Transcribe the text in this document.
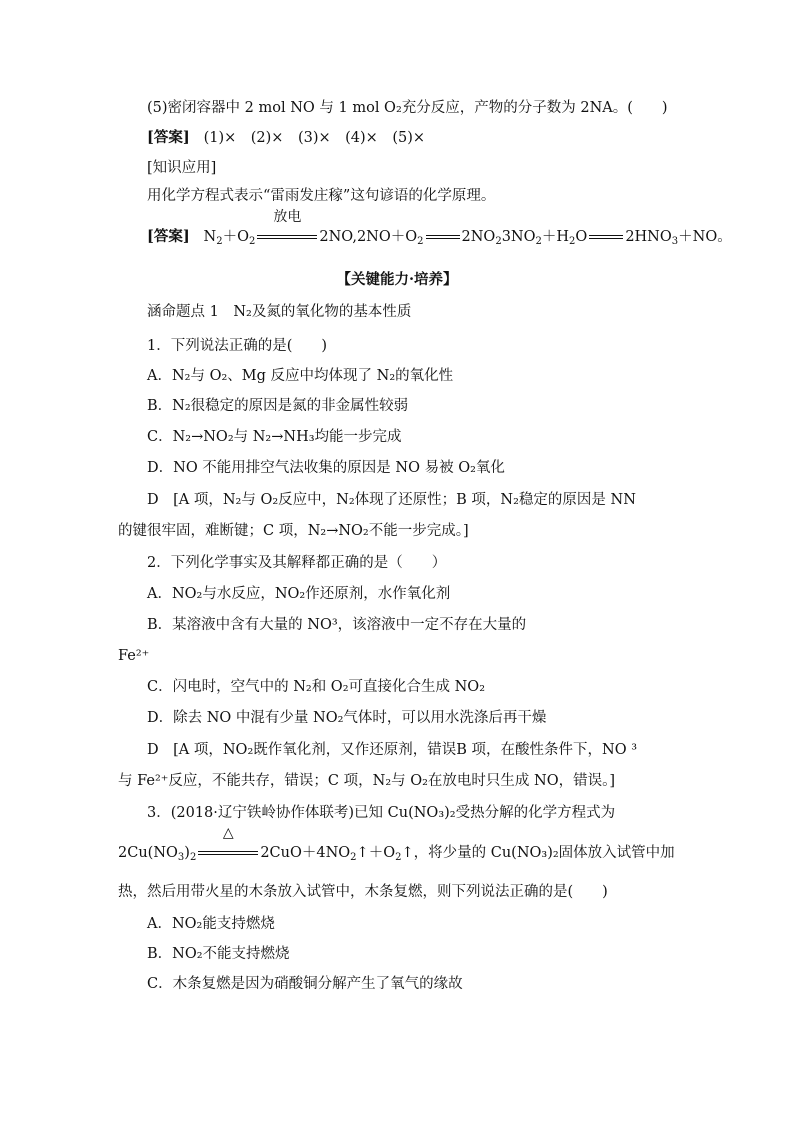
(5)密闭容器中 2 mol NO 与 1 mol O₂充分反应，产物的分子数为 2NA。(　　)
[答案] (1)×　(2)×　(3)×　(4)×　(5)×
[知识应用]
用化学方程式表示“雷雨发庄稼”这句谚语的化学原理。
[答案]   $N_2+O_2$
放电
$2NO,2NO+O_2$	$2NO_23NO_2+H_2O$	$2HNO_3+NO$。
【关键能力·培养】
涵命题点 1　N₂及氮的氧化物的基本性质
1．下列说法正确的是(　　)
A．N₂与 O₂、Mg 反应中均体现了 N₂的氧化性
B．N₂很稳定的原因是氮的非金属性较弱
C．N₂→NO₂与 N₂→NH₃均能一步完成
D．NO 不能用排空气法收集的原因是 NO 易被 O₂氧化
D　[A 项，N₂与 O₂反应中，N₂体现了还原性；B 项，N₂稳定的原因是 NN
的键很牢固，难断键；C 项，N₂→NO₂不能一步完成。]
2．下列化学事实及其解释都正确的是（　　）
A．NO₂与水反应，NO₂作还原剂，水作氧化剂
B．某溶液中含有大量的 NO³，该溶液中一定不存在大量的
Fe²⁺
C．闪电时，空气中的 N₂和 O₂可直接化合生成 NO₂
D．除去 NO 中混有少量 NO₂气体时，可以用水洗涤后再干燥
D　[A 项，NO₂既作氧化剂，又作还原剂，错误B 项，在酸性条件下，NO ³
与 Fe²⁺反应，不能共存，错误；C 项，N₂与 O₂在放电时只生成 NO，错误。]
3．(2018·辽宁铁岭协作体联考)已知 Cu(NO₃)₂受热分解的化学方程式为
$2Cu(NO_3)_2$
△
$2CuO+4NO_2↑+O_2↑$，将少量的 Cu(NO₃)₂固体放入试管中加
热，然后用带火星的木条放入试管中，木条复燃，则下列说法正确的是(　　)
A．NO₂能支持燃烧
B．NO₂不能支持燃烧
C．木条复燃是因为硝酸铜分解产生了氧气的缘故
